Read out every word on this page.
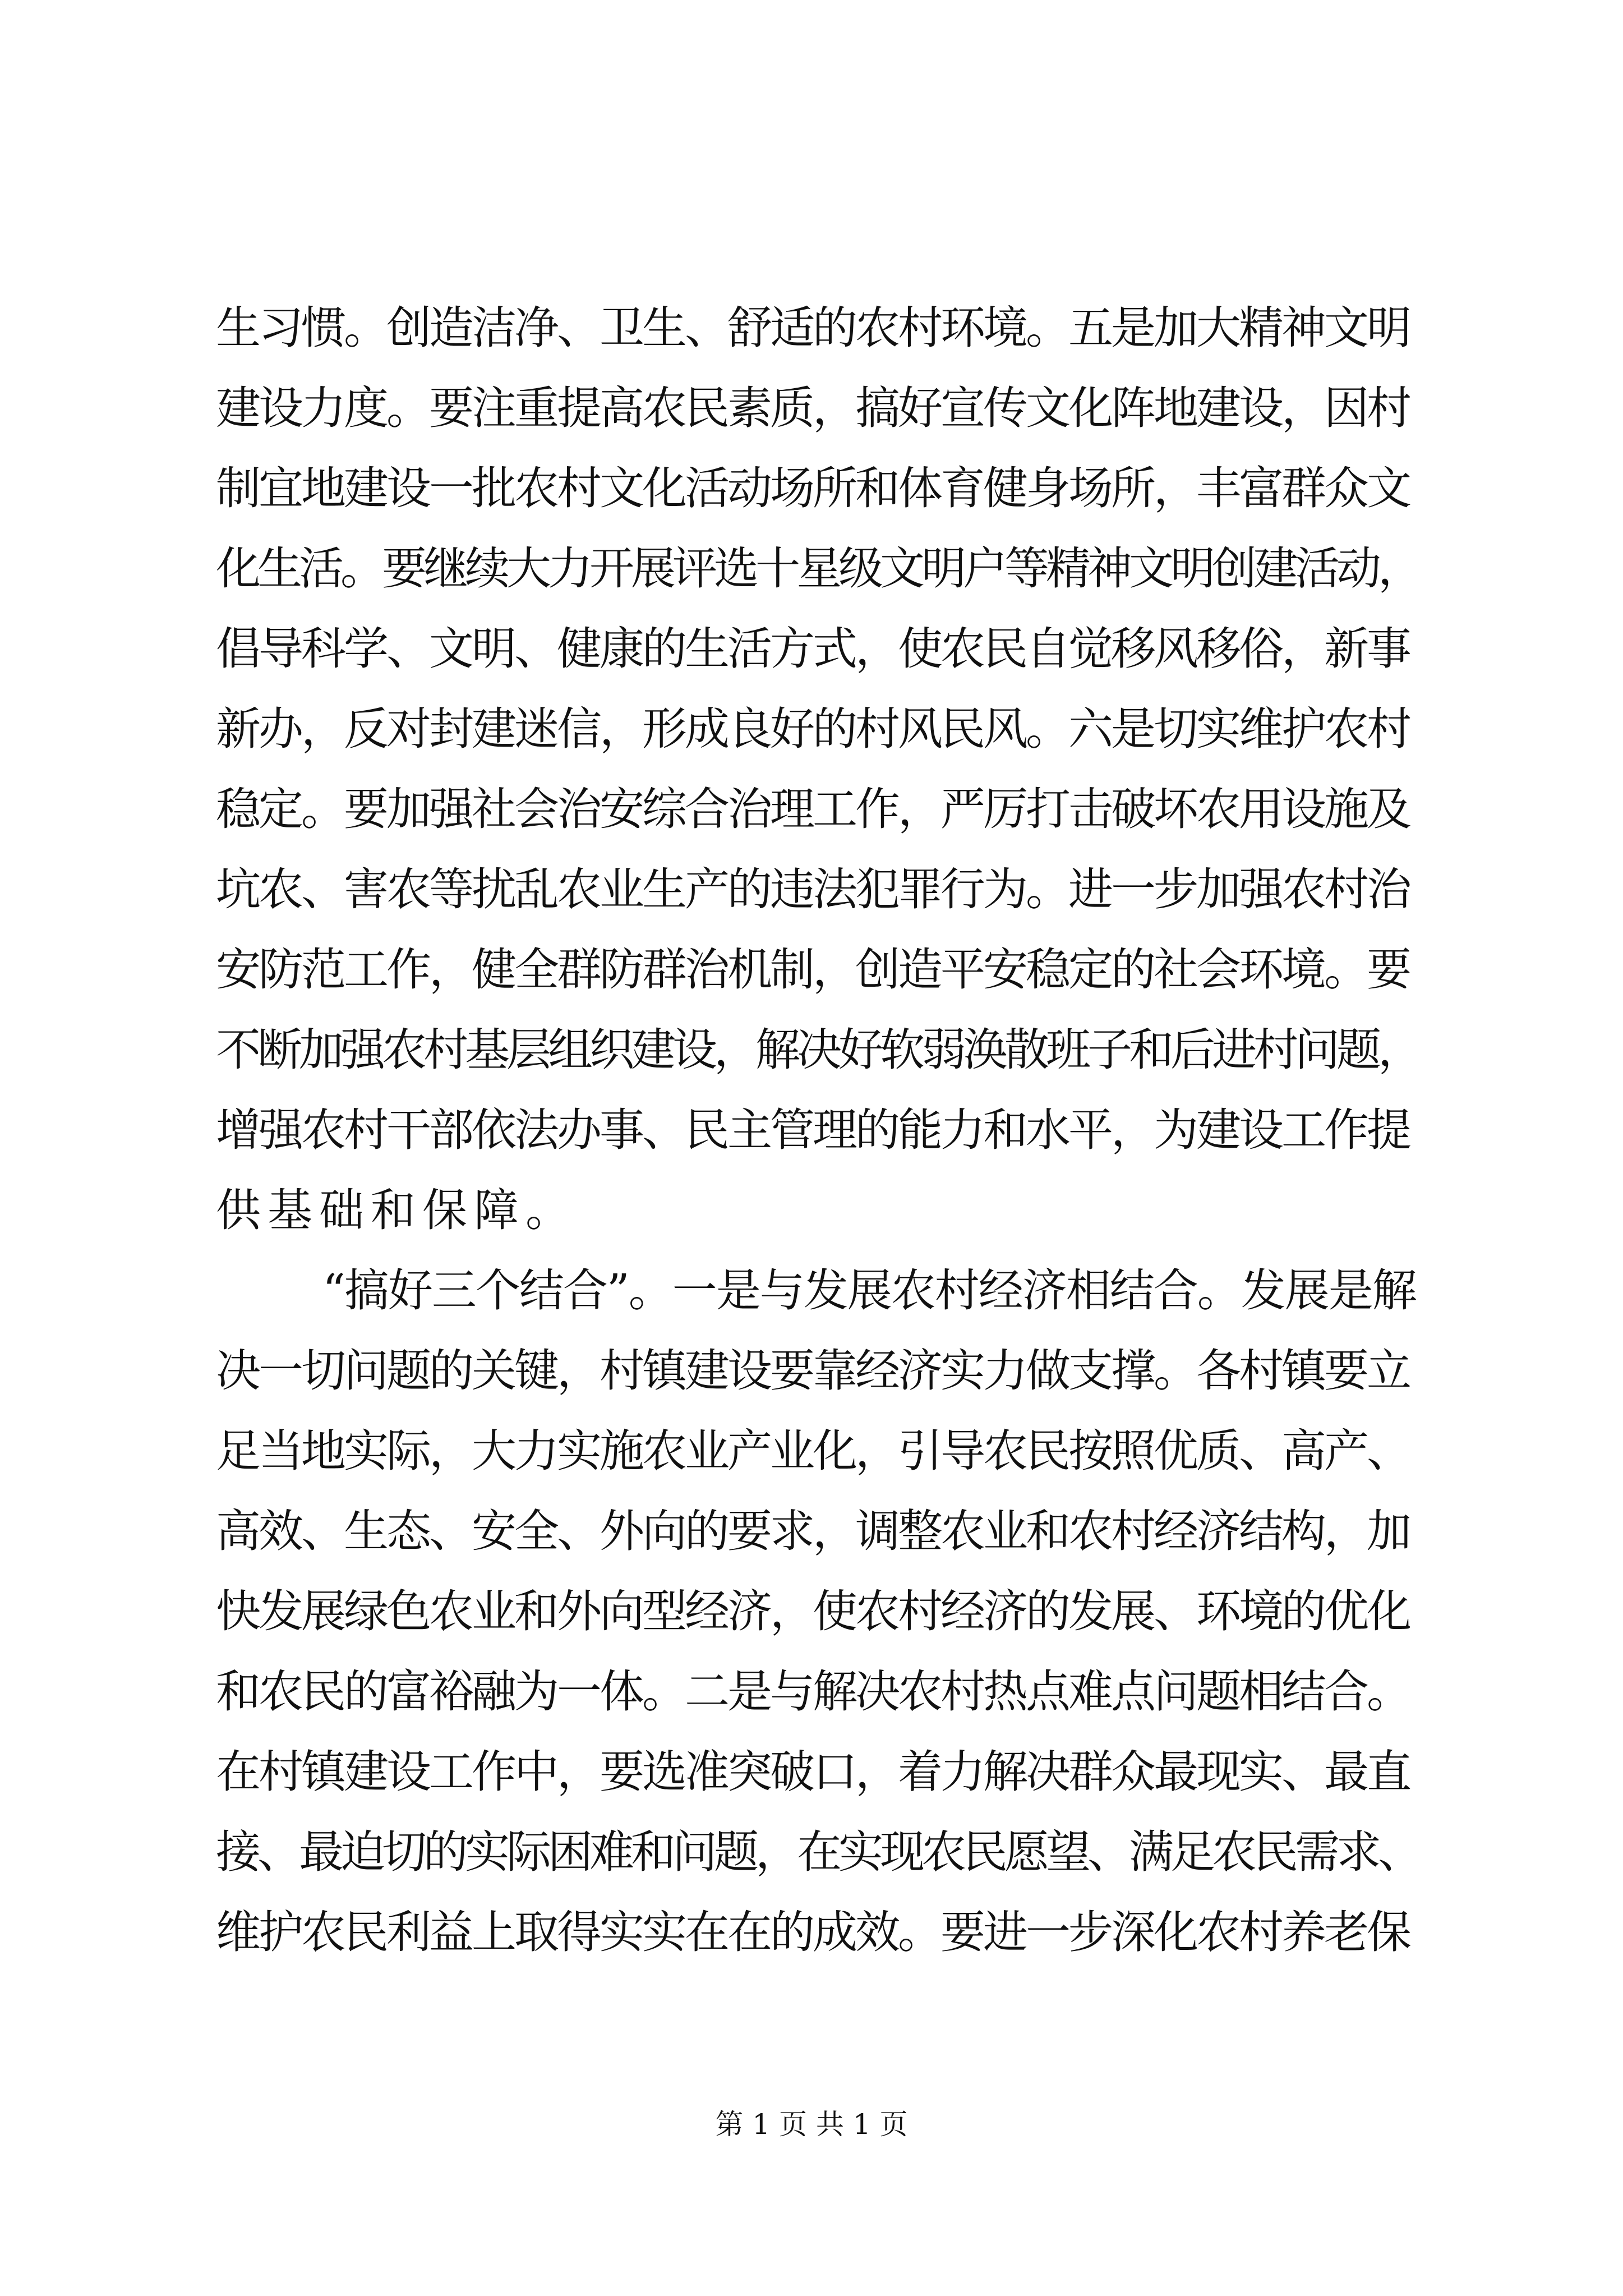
生习惯。创造洁净、卫生、舒适的农村环境。五是加大精神文明
建设力度。要注重提高农民素质，搞好宣传文化阵地建设，因村
制宜地建设一批农村文化活动场所和体育健身场所，丰富群众文
化生活。要继续大力开展评选十星级文明户等精神文明创建活动，
倡导科学、文明、健康的生活方式，使农民自觉移风移俗，新事
新办，反对封建迷信，形成良好的村风民风。六是切实维护农村
稳定。要加强社会治安综合治理工作，严厉打击破坏农用设施及
坑农、害农等扰乱农业生产的违法犯罪行为。进一步加强农村治
安防范工作，健全群防群治机制，创造平安稳定的社会环境。要
不断加强农村基层组织建设，解决好软弱涣散班子和后进村问题，
增强农村干部依法办事、民主管理的能力和水平，为建设工作提
供基础和保障。
“搞好三个结合”。一是与发展农村经济相结合。发展是解
决一切问题的关键，村镇建设要靠经济实力做支撑。各村镇要立
足当地实际，大力实施农业产业化，引导农民按照优质、高产、
高效、生态、安全、外向的要求，调整农业和农村经济结构，加
快发展绿色农业和外向型经济，使农村经济的发展、环境的优化
和农民的富裕融为一体。二是与解决农村热点难点问题相结合。
在村镇建设工作中，要选准突破口，着力解决群众最现实、最直
接、最迫切的实际困难和问题，在实现农民愿望、满足农民需求、
维护农民利益上取得实实在在的成效。要进一步深化农村养老保
第 1 页 共 1 页
